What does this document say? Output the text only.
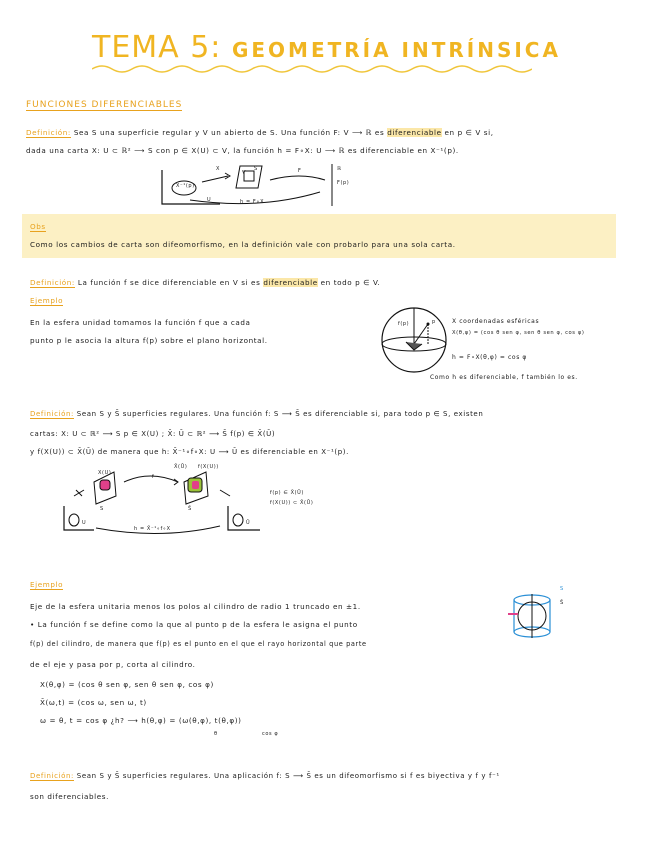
TEMA 5: GEOMETRÍA INTRÍNSICA
FUNCIONES DIFERENCIABLES
Definición: Sea S una superficie regular y V un abierto de S. Una función F: V ⟶ ℝ es diferenciable en p ∈ V si,
dada una carta X: U ⊂ ℝ² ⟶ S con p ∈ X(U) ⊂ V, la función h = F∘X: U ⟶ ℝ es diferenciable en X⁻¹(p).
X⁻¹(p)
U
X	S
V	F	ℝ
F(p)
h = F∘X
Obs
Como los cambios de carta son difeomorfismo, en la definición vale con probarlo para una sola carta.
Definición: La función f se dice diferenciable en V si es diferenciable en todo p ∈ V.
Ejemplo
En la esfera unidad tomamos la función f que a cada
punto p le asocia la altura f(p) sobre el plano horizontal.
f(p)	p	X coordenadas esféricas
X(θ,φ) = (cos θ sen φ, sen θ sen φ, cos φ)
h = F∘X(θ,φ) = cos φ
Como h es diferenciable, f también lo es.
Definición: Sean S y S̄ superficies regulares. Una función f: S ⟶ S̄ es diferenciable si, para todo p ∈ S, existen
cartas: X: U ⊂ ℝ² ⟶ S p ∈ X(U) ; X̄: Ū ⊂ ℝ² ⟶ S̄ f(p) ∈ X̄(Ū)
y f(X(U)) ⊂ X̄(Ū) de manera que h: X̄⁻¹∘f∘X: U ⟶ Ū es diferenciable en X⁻¹(p).
X(U)
X̄(Ū) f(X(U))
f
S	S̄
U	Ū
h = X̄⁻¹∘f∘X
f(p) ∈ X̄(Ū)
f(X(U)) ⊂ X̄(Ū)
Ejemplo
Eje de la esfera unitaria menos los polos al cilindro de radio 1 truncado en ±1.
• La función f se define como la que al punto p de la esfera le asigna el punto
f(p) del cilindro, de manera que f(p) es el punto en el que el rayo horizontal que parte
de el eje y pasa por p, corta al cilindro.
X(θ,φ) = (cos θ sen φ, sen θ sen φ, cos φ)
X̄(ω,t) = (cos ω, sen ω, t)
ω = θ, t = cos φ ¿h? ⟶ h(θ,φ) = (ω(θ,φ), t(θ,φ))
θ	cos φ
S
S̄
Definición: Sean S y S̄ superficies regulares. Una aplicación f: S ⟶ S̄ es un difeomorfismo si f es biyectiva y f y f⁻¹
son diferenciables.
